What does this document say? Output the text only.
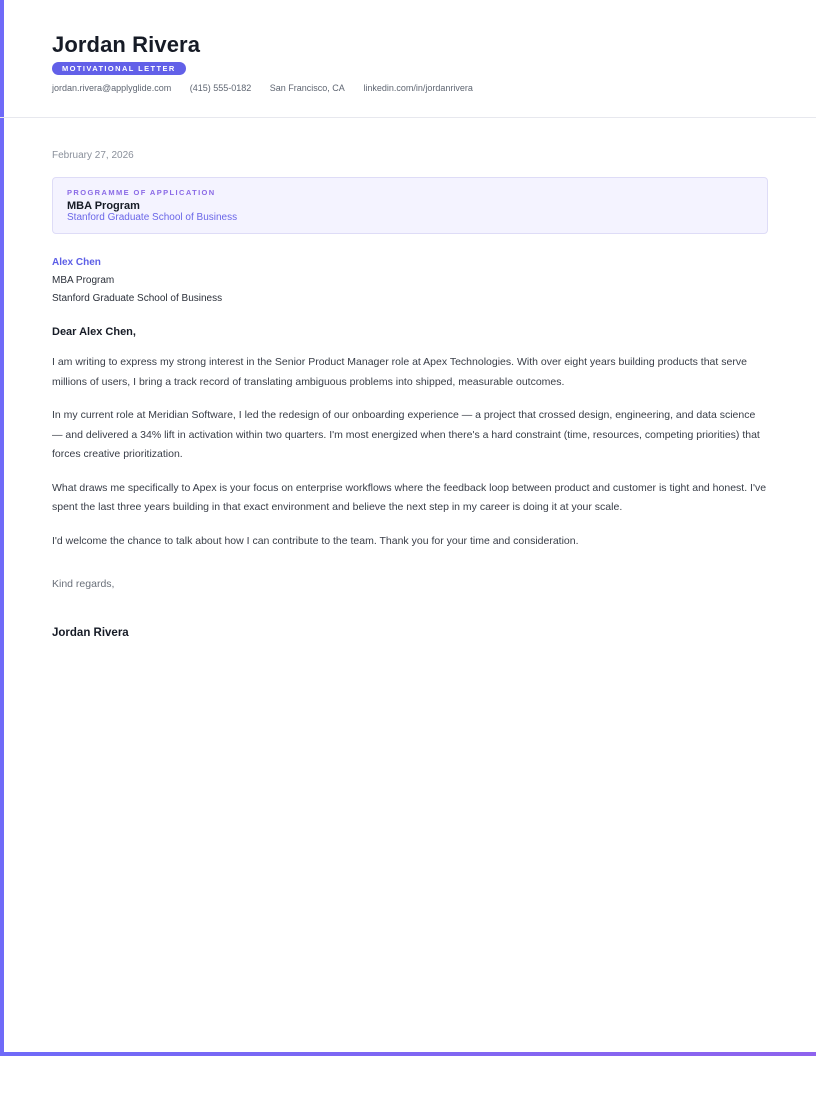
Jordan Rivera
MOTIVATIONAL LETTER
jordan.rivera@applyglide.com (415) 555-0182 San Francisco, CA linkedin.com/in/jordanrivera
February 27, 2026
PROGRAMME OF APPLICATION
MBA Program
Stanford Graduate School of Business
Alex Chen
MBA Program
Stanford Graduate School of Business
Dear Alex Chen,

I am writing to express my strong interest in the Senior Product Manager role at Apex Technologies. With over eight years building products that serve millions of users, I bring a track record of translating ambiguous problems into shipped, measurable outcomes.

In my current role at Meridian Software, I led the redesign of our onboarding experience — a project that crossed design, engineering, and data science — and delivered a 34% lift in activation within two quarters. I'm most energized when there's a hard constraint (time, resources, competing priorities) that forces creative prioritization.

What draws me specifically to Apex is your focus on enterprise workflows where the feedback loop between product and customer is tight and honest. I've spent the last three years building in that exact environment and believe the next step in my career is doing it at your scale.

I'd welcome the chance to talk about how I can contribute to the team. Thank you for your time and consideration.

Kind regards,
Jordan Rivera
